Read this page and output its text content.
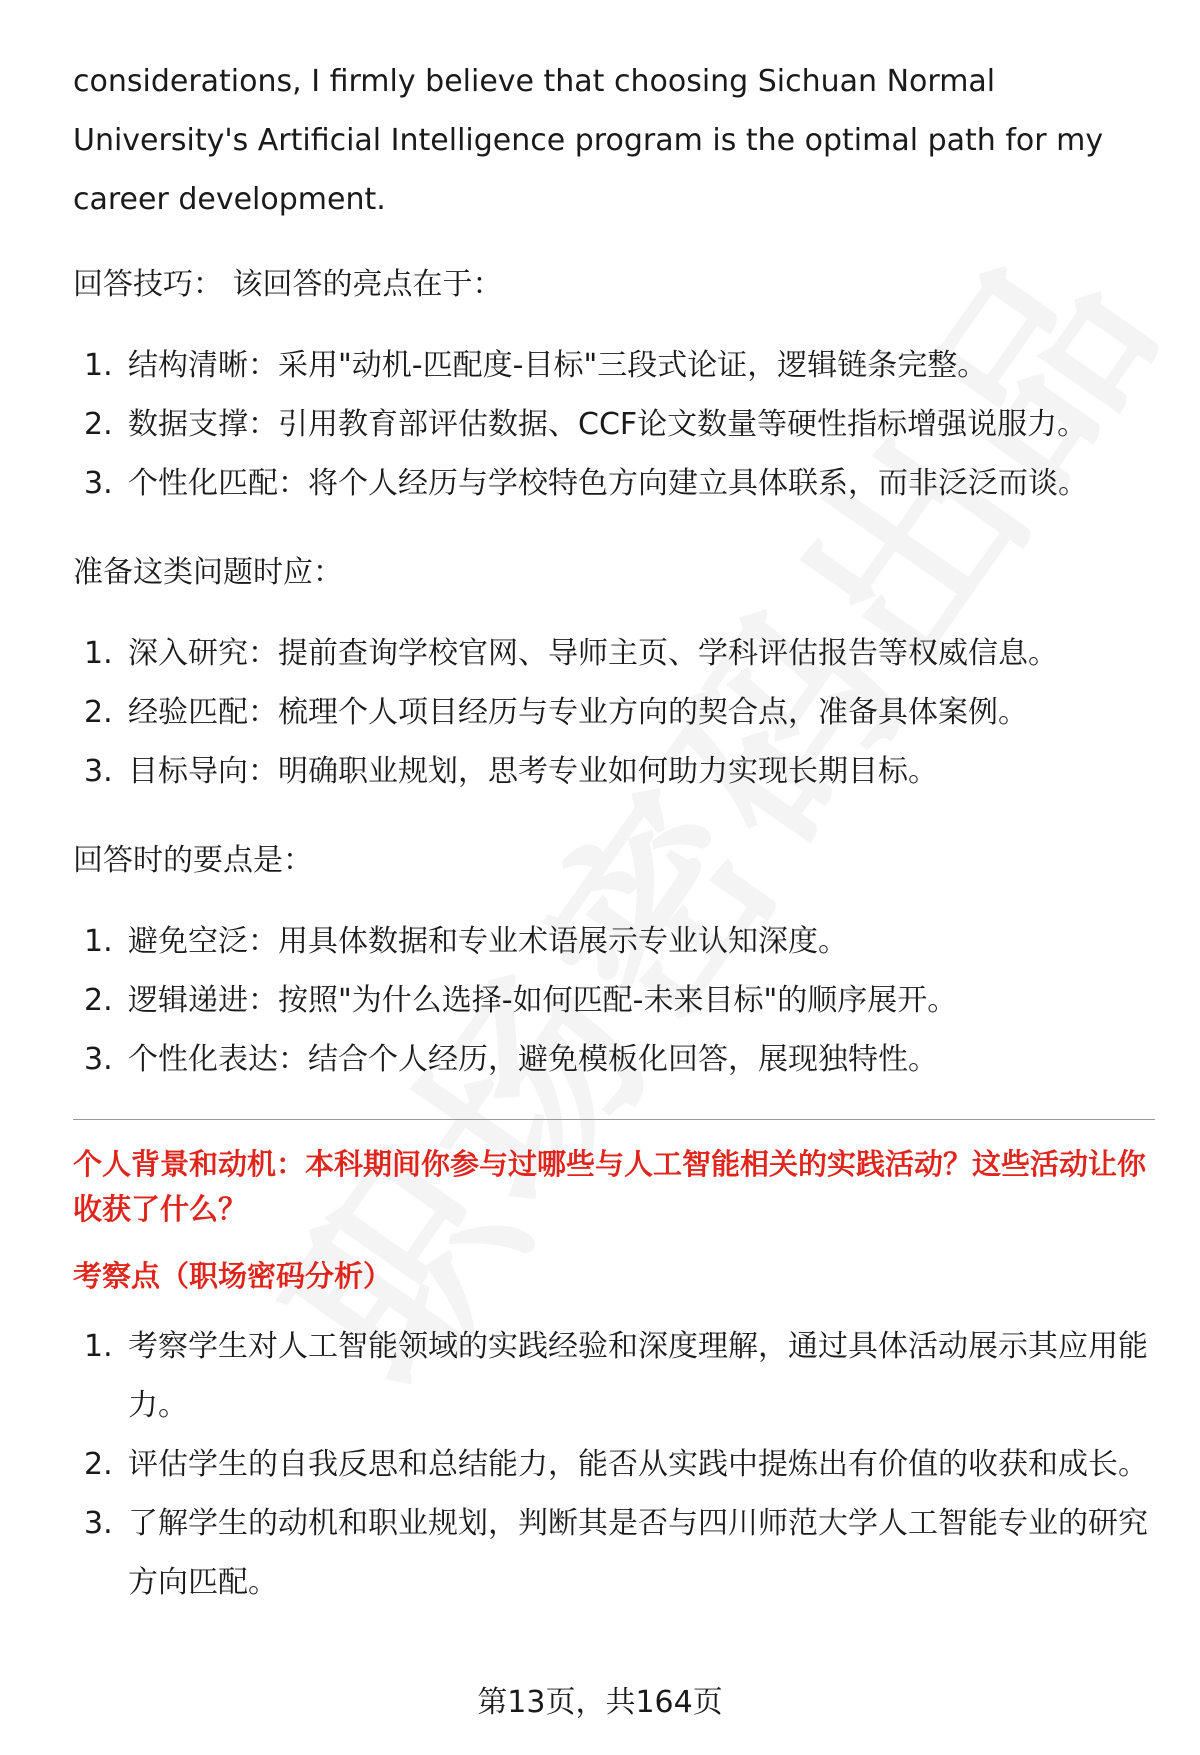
considerations, I firmly believe that choosing Sichuan Normal University's Artificial Intelligence program is the optimal path for my career development.

回答技巧： 该回答的亮点在于：

1. 结构清晰：采用"动机-匹配度-目标"三段式论证，逻辑链条完整。
2. 数据支撑：引用教育部评估数据、CCF论文数量等硬性指标增强说服力。
3. 个性化匹配：将个人经历与学校特色方向建立具体联系，而非泛泛而谈。

准备这类问题时应：

1. 深入研究：提前查询学校官网、导师主页、学科评估报告等权威信息。
2. 经验匹配：梳理个人项目经历与专业方向的契合点，准备具体案例。
3. 目标导向：明确职业规划，思考专业如何助力实现长期目标。

回答时的要点是：

1. 避免空泛：用具体数据和专业术语展示专业认知深度。
2. 逻辑递进：按照"为什么选择-如何匹配-未来目标"的顺序展开。
3. 个性化表达：结合个人经历，避免模板化回答，展现独特性。

个人背景和动机：本科期间你参与过哪些与人工智能相关的实践活动？这些活动让你收获了什么？

考察点（职场密码分析）

1. 考察学生对人工智能领域的实践经验和深度理解，通过具体活动展示其应用能力。
2. 评估学生的自我反思和总结能力，能否从实践中提炼出有价值的收获和成长。
3. 了解学生的动机和职业规划，判断其是否与四川师范大学人工智能专业的研究方向匹配。
第13页，共164页
